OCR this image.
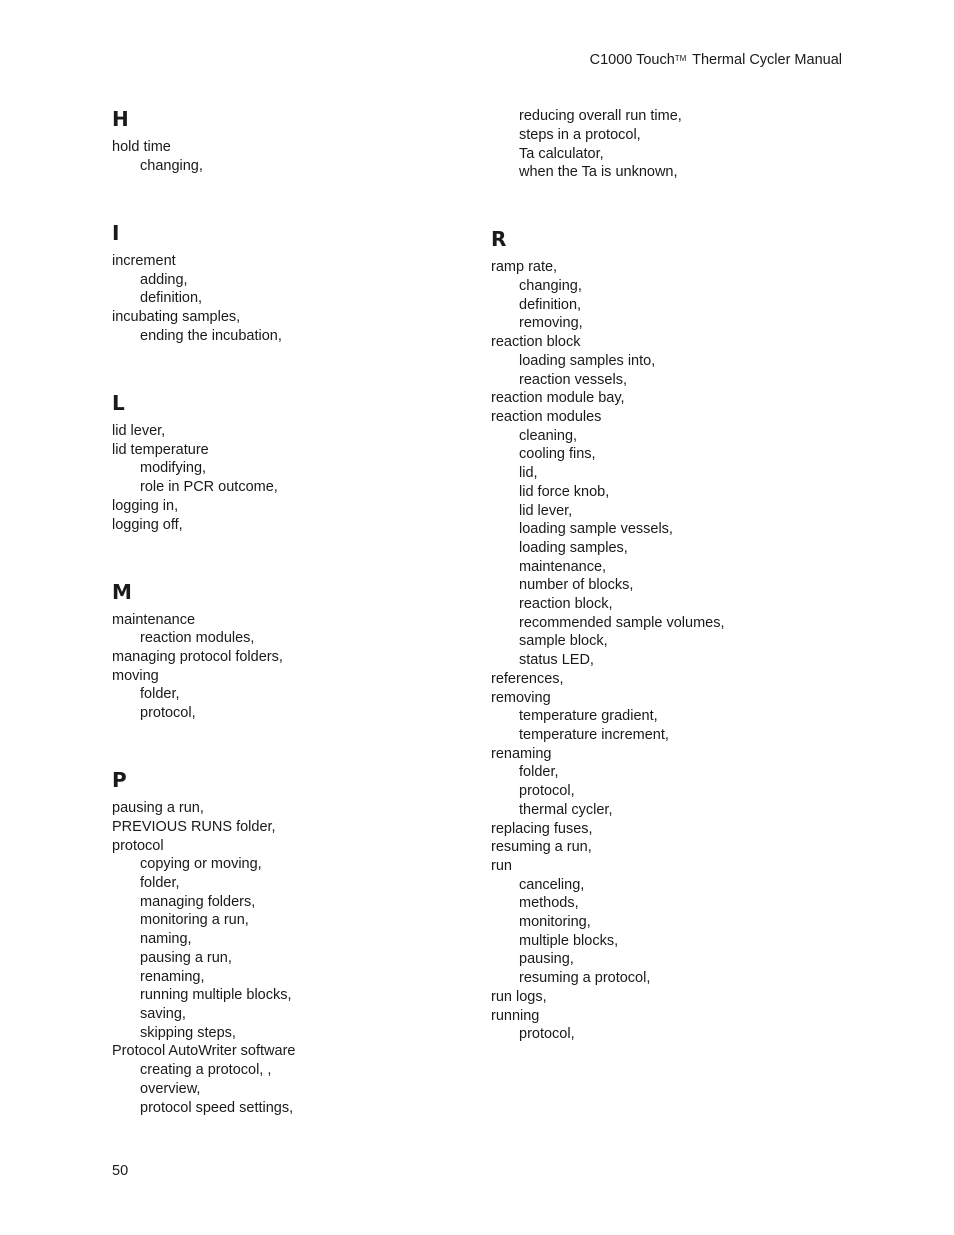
C1000 Touch™ Thermal Cycler Manual
H
hold time
changing,
I
increment
adding,
definition,
incubating samples,
ending the incubation,
L
lid lever,
lid temperature
modifying,
role in PCR outcome,
logging in,
logging off,
M
maintenance
reaction modules,
managing protocol folders,
moving
folder,
protocol,
P
pausing a run,
PREVIOUS RUNS folder,
protocol
copying or moving,
folder,
managing folders,
monitoring a run,
naming,
pausing a run,
renaming,
running multiple blocks,
saving,
skipping steps,
Protocol AutoWriter software
creating a protocol, ,
overview,
protocol speed settings,
reducing overall run time,
steps in a protocol,
Ta calculator,
when the Ta is unknown,
R
ramp rate,
changing,
definition,
removing,
reaction block
loading samples into,
reaction vessels,
reaction module bay,
reaction modules
cleaning,
cooling fins,
lid,
lid force knob,
lid lever,
loading sample vessels,
loading samples,
maintenance,
number of blocks,
reaction block,
recommended sample volumes,
sample block,
status LED,
references,
removing
temperature gradient,
temperature increment,
renaming
folder,
protocol,
thermal cycler,
replacing fuses,
resuming a run,
run
canceling,
methods,
monitoring,
multiple blocks,
pausing,
resuming a protocol,
run logs,
running
protocol,
50
